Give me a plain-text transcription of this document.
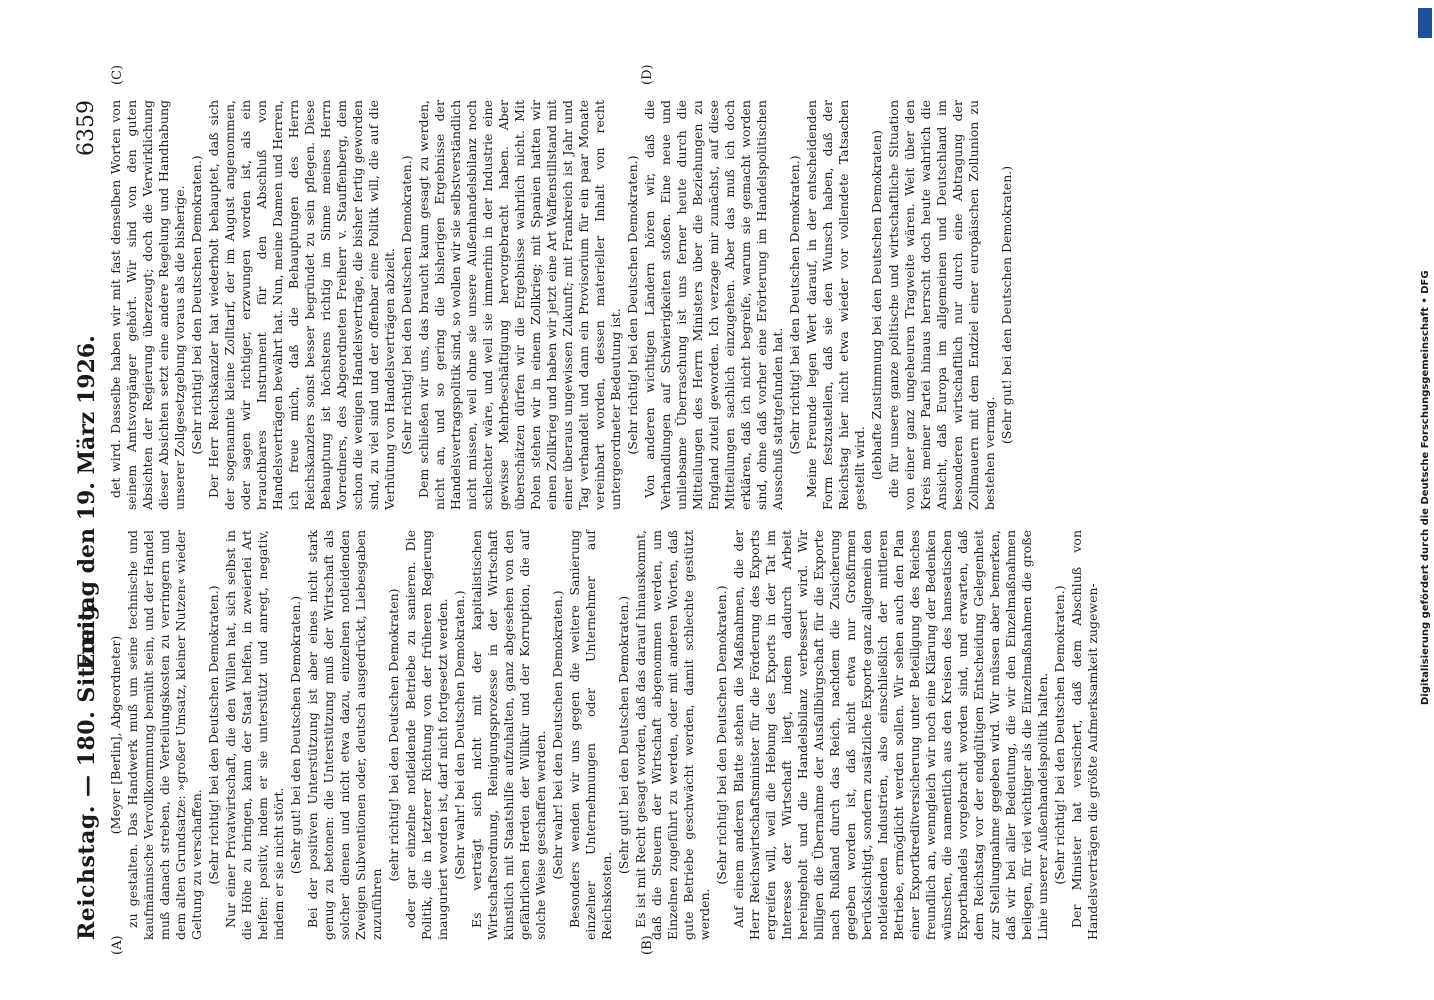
Reichstag. — 180. Sitzung.
Freitag den 19. März 1926.
6359
(A)	(B)
(C)	(D)

(Meyer [Berlin], Abgeordneter) zu gestalten. Das Handwerk muß um seine technische und kaufmännische Vervollkommnung bemüht sein, und der Handel muß danach streben, die Verteilungskosten zu verringern und dem alten Grundsatze: »großer Umsatz, kleiner Nutzen« wieder Geltung zu verschaffen. (Sehr richtig! bei den Deutschen Demokraten.) Nur einer Privatwirtschaft, die den Willen hat, sich selbst in die Höhe zu bringen, kann der Staat helfen, in zweierlei Art helfen: positiv, indem er sie unterstützt und anregt, negativ, indem er sie nicht stört. (Sehr gut! bei den Deutschen Demokraten.) Bei der positiven Unterstützung ist aber eines nicht stark genug zu betonen: die Unterstützung muß der Wirtschaft als solcher dienen und nicht etwa dazu, einzelnen notleidenden Zweigen Subventionen oder, deutsch ausgedrückt, Liebesgaben zuzuführen

(sehr richtig! bei den Deutschen Demokraten) oder gar einzelne notleidende Betriebe zu sanieren. Die Politik, die in letzterer Richtung von der früheren Regierung inauguriert worden ist, darf nicht fortgesetzt werden. (Sehr wahr! bei den Deutschen Demokraten.) Es verträgt sich nicht mit der kapitalistischen Wirtschaftsordnung, Reinigungsprozesse in der Wirtschaft künstlich mit Staatshilfe aufzuhalten, ganz abgesehen von den gefährlichen Herden der Willkür und der Korruption, die auf solche Weise geschaffen werden. (Sehr wahr! bei den Deutschen Demokraten.) Besonders wenden wir uns gegen die weitere Sanierung einzelner Unternehmungen oder Unternehmer auf Reichskosten.

(Sehr gut! bei den Deutschen Demokraten.) Es ist mit Recht gesagt worden, daß das darauf hinauskommt, daß die Steuern der Wirtschaft abgenommen werden, um Einzelnen zugeführt zu werden, oder mit anderen Worten, daß gute Betriebe geschwächt werden, damit schlechte gestützt werden.

(Sehr richtig! bei den Deutschen Demokraten.) Auf einem anderen Blatte stehen die Maßnahmen, die der Herr Reichswirtschaftsminister für die Förderung des Exports ergreifen will, weil die Hebung des Exports in der Tat im Interesse der Wirtschaft liegt, indem dadurch Arbeit hereingeholt und die Handelsbilanz verbessert wird. Wir billigen die Übernahme der Ausfallbürgschaft für die Exporte nach Rußland durch das Reich, nachdem die Zusicherung gegeben worden ist, daß nicht etwa nur Großfirmen berücksichtigt, sondern zusätzliche Exporte ganz allgemein den notleidenden Industrien, also einschließlich der mittleren Betriebe, ermöglicht werden sollen. Wir sehen auch den Plan einer Exportkreditversicherung unter Beteiligung des Reiches freundlich an, wenngleich wir noch eine Klärung der Bedenken wünschen, die namentlich aus den Kreisen des hanseatischen Exporthandels vorgebracht worden sind, und erwarten, daß dem Reichstag vor der endgültigen Entscheidung Gelegenheit zur Stellungnahme gegeben wird. Wir müssen aber bemerken, daß wir bei aller Bedeutung, die wir den Einzelmaßnahmen beilegen, für viel wichtiger als die Einzelmaßnahmen die große Linie unserer Außenhandelspolitik halten. (Sehr richtig! bei den Deutschen Demokraten.) Der Minister hat versichert, daß dem Abschluß von Handelsverträgen die größte Aufmerksamkeit zugewen-

det wird. Dasselbe haben wir mit fast denselben Worten von seinem Amtsvorgänger gehört. Wir sind von den guten Absichten der Regierung überzeugt; doch die Verwirklichung dieser Absichten setzt eine andere Regelung und Handhabung unserer Zollgesetzgebung voraus als die bisherige. (Sehr richtig! bei den Deutschen Demokraten.) Der Herr Reichskanzler hat wiederholt behauptet, daß sich der sogenannte kleine Zolltarif, der im August angenommen, oder sagen wir richtiger, erzwungen worden ist, als ein brauchbares Instrument für den Abschluß von Handelsverträgen bewährt hat. Nun, meine Damen und Herren, ich freue mich, daß die Behauptungen des Herrn Reichskanzlers sonst besser begründet zu sein pflegen. Diese Behauptung ist höchstens richtig im Sinne meines Herrn Vorredners, des Abgeordneten Freiherr v. Stauffenberg, dem schon die wenigen Handelsverträge, die bisher fertig geworden sind, zu viel sind und der offenbar eine Politik will, die auf die Verhütung von Handelsverträgen abzielt. (Sehr richtig! bei den Deutschen Demokraten.) Dem schließen wir uns, das braucht kaum gesagt zu werden, nicht an, und so gering die bisherigen Ergebnisse der Handelsvertragspolitik sind, so wollen wir sie selbstverständlich nicht missen, weil ohne sie unsere Außenhandelsbilanz noch schlechter wäre, und weil sie immerhin in der Industrie eine gewisse Mehrbeschäftigung hervorgebracht haben. Aber überschätzen dürfen wir die Ergebnisse wahrlich nicht. Mit Polen stehen wir in einem Zollkrieg; mit Spanien hatten wir einen Zollkrieg und haben wir jetzt eine Art Waffenstillstand mit einer überaus ungewissen Zukunft; mit Frankreich ist Jahr und Tag verhandelt und dann ein Provisorium für ein paar Monate vereinbart worden, dessen materieller Inhalt von recht untergeordneter Bedeutung ist. (Sehr richtig! bei den Deutschen Demokraten.) Von anderen wichtigen Ländern hören wir, daß die Verhandlungen auf Schwierigkeiten stoßen. Eine neue und unliebsame Überraschung ist uns ferner heute durch die Mitteilungen des Herrn Ministers über die Beziehungen zu England zuteil geworden. Ich verzage mir zunächst, auf diese Mitteilungen sachlich einzugehen. Aber das muß ich doch erklären, daß ich nicht begreife, warum sie gemacht worden sind, ohne daß vorher eine Erörterung im Handelspolitischen Ausschuß stattgefunden hat. (Sehr richtig! bei den Deutschen Demokraten.) Meine Freunde legen Wert darauf, in der entscheidenden Form festzustellen, daß sie den Wunsch haben, daß der Reichstag hier nicht etwa wieder vor vollendete Tatsachen gestellt wird. (lebhafte Zustimmung bei den Deutschen Demokraten) die für unsere ganze politische und wirtschaftliche Situation von einer ganz ungeheuren Tragweite wären. Weit über den Kreis meiner Partei hinaus herrscht doch heute wahrlich die Ansicht, daß Europa im allgemeinen und Deutschland im besonderen wirtschaftlich nur durch eine Abtragung der Zollmauern mit dem Endziel einer europäischen Zollunion zu bestehen vermag.

(Sehr gut! bei den Deutschen Demokraten.)	Digitalisierung gefördert durch die Deutsche Forschungsgemeinschaft • DFG
